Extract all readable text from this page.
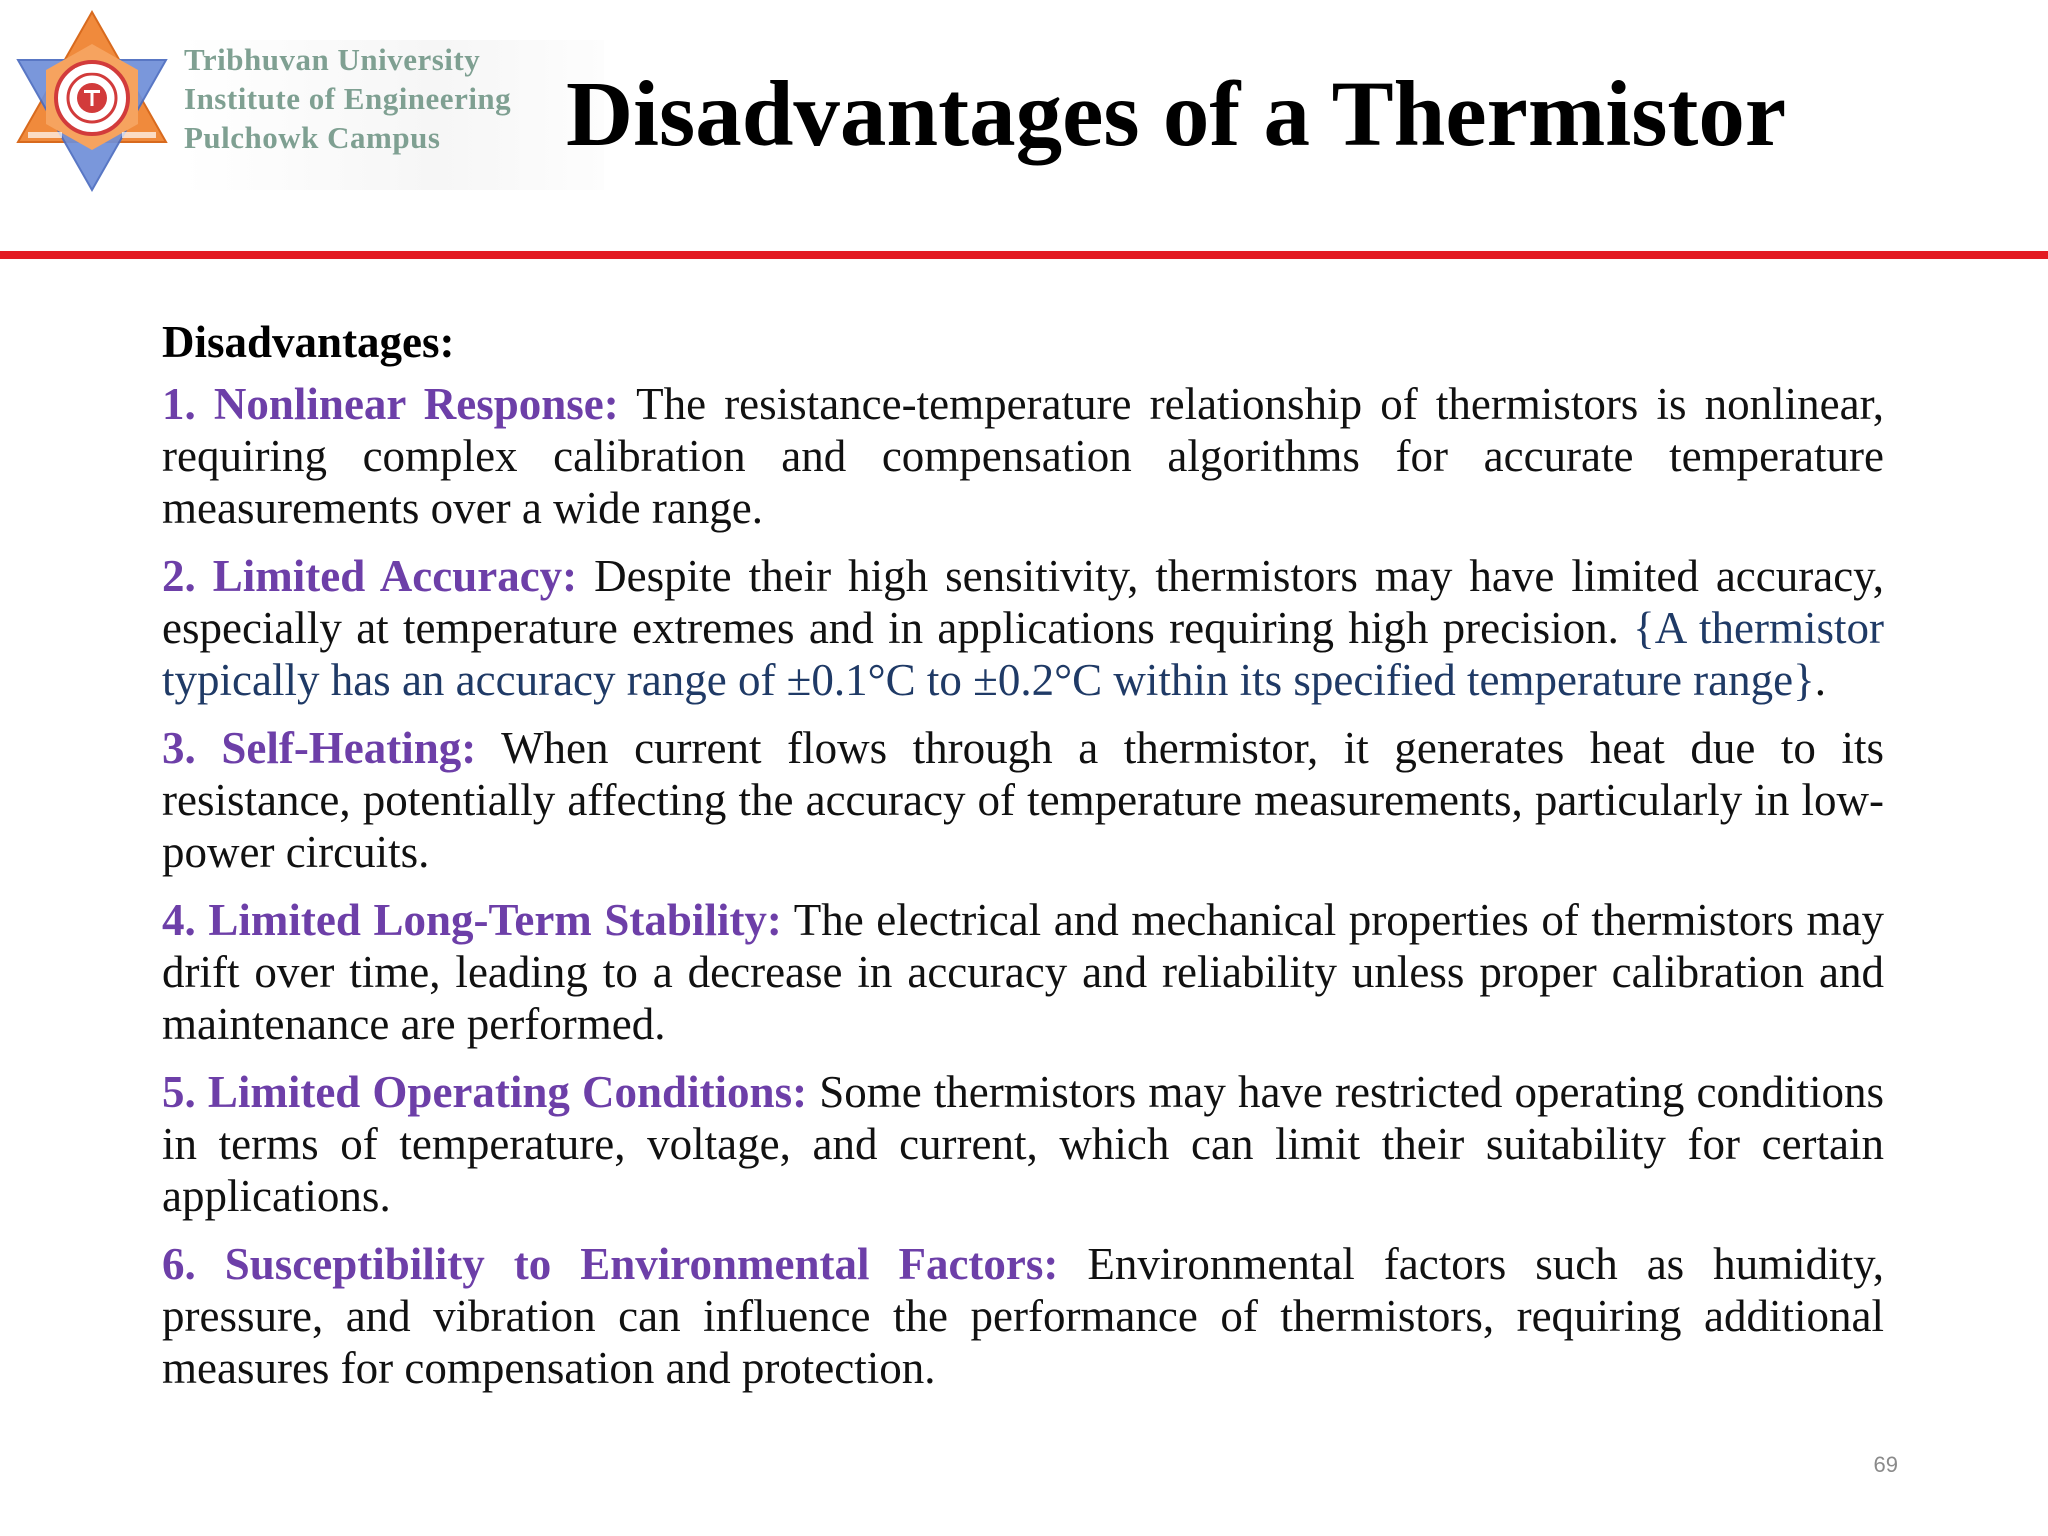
Tribhuvan University
Institute of Engineering
Pulchowk Campus	Disadvantages of a Thermistor
Disadvantages:

1. Nonlinear Response: The resistance-temperature relationship of thermistors is nonlinear, requiring complex calibration and compensation algorithms for accurate temperature measurements over a wide range.

2. Limited Accuracy: Despite their high sensitivity, thermistors may have limited accuracy, especially at temperature extremes and in applications requiring high precision. {A thermistor typically has an accuracy range of ±0.1°C to ±0.2°C within its specified temperature range}.

3. Self-Heating: When current flows through a thermistor, it generates heat due to its resistance, potentially affecting the accuracy of temperature measurements, particularly in low-power circuits.

4. Limited Long-Term Stability: The electrical and mechanical properties of thermistors may drift over time, leading to a decrease in accuracy and reliability unless proper calibration and maintenance are performed.

5. Limited Operating Conditions: Some thermistors may have restricted operating conditions in terms of temperature, voltage, and current, which can limit their suitability for certain applications.

6. Susceptibility to Environmental Factors: Environmental factors such as humidity, pressure, and vibration can influence the performance of thermistors, requiring additional measures for compensation and protection.

69
